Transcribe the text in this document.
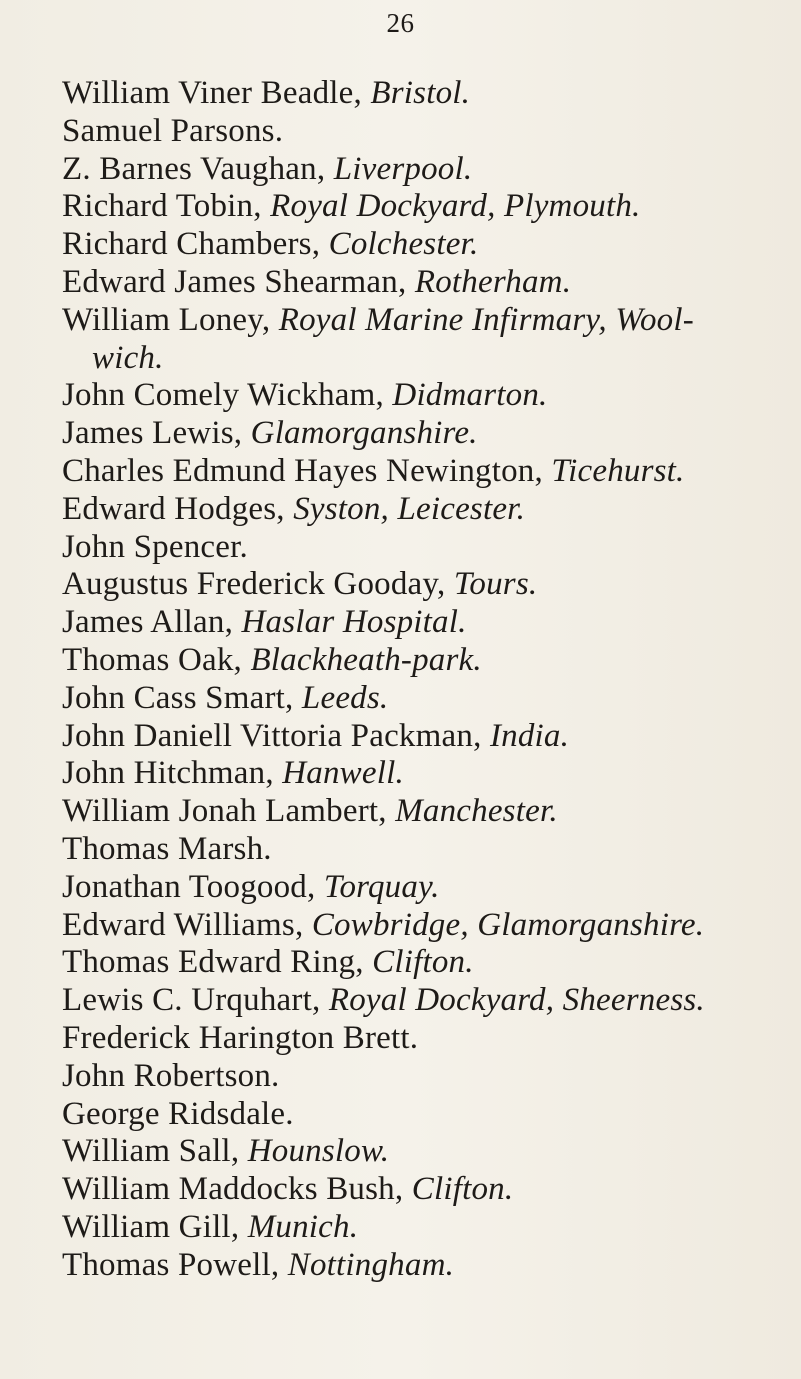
26
William Viner Beadle, Bristol.
Samuel Parsons.
Z. Barnes Vaughan, Liverpool.
Richard Tobin, Royal Dockyard, Plymouth.
Richard Chambers, Colchester.
Edward James Shearman, Rotherham.
William Loney, Royal Marine Infirmary, Wool-
wich.
John Comely Wickham, Didmarton.
James Lewis, Glamorganshire.
Charles Edmund Hayes Newington, Ticehurst.
Edward Hodges, Syston, Leicester.
John Spencer.
Augustus Frederick Gooday, Tours.
James Allan, Haslar Hospital.
Thomas Oak, Blackheath-park.
John Cass Smart, Leeds.
John Daniell Vittoria Packman, India.
John Hitchman, Hanwell.
William Jonah Lambert, Manchester.
Thomas Marsh.
Jonathan Toogood, Torquay.
Edward Williams, Cowbridge, Glamorganshire.
Thomas Edward Ring, Clifton.
Lewis C. Urquhart, Royal Dockyard, Sheerness.
Frederick Harington Brett.
John Robertson.
George Ridsdale.
William Sall, Hounslow.
William Maddocks Bush, Clifton.
William Gill, Munich.
Thomas Powell, Nottingham.
